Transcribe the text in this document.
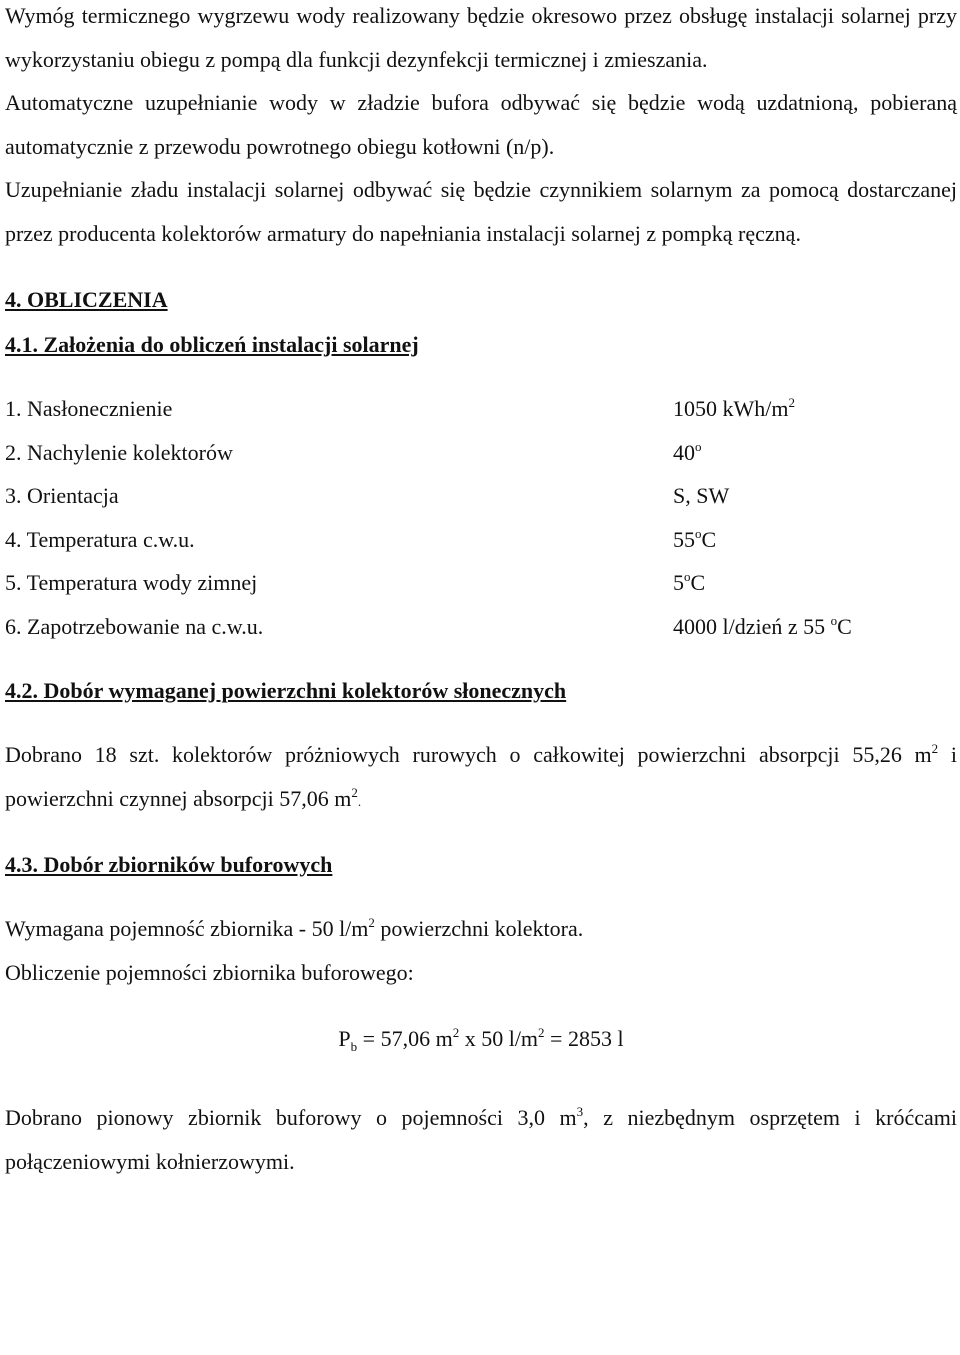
Wymóg termicznego wygrzewu wody realizowany będzie okresowo przez obsługę instalacji solarnej przy wykorzystaniu obiegu z pompą dla funkcji dezynfekcji termicznej i zmieszania.

Automatyczne uzupełnianie wody w zładzie bufora odbywać się będzie wodą uzdatnioną, pobieraną automatycznie z przewodu powrotnego obiegu kotłowni (n/p).

Uzupełnianie zładu instalacji solarnej odbywać się będzie czynnikiem solarnym za pomocą dostarczanej przez producenta kolektorów armatury do napełniania instalacji solarnej z pompką ręczną.

4. OBLICZENIA

4.1. Założenia do obliczeń instalacji solarnej

1. Nasłonecznienie	1050 kWh/$m^2$
2. Nachylenie kolektorów	40$^o$
3. Orientacja	S, SW
4. Temperatura c.w.u.	55$^o$C
5. Temperatura wody zimnej	5$^o$C
6. Zapotrzebowanie na c.w.u.	4000 l/dzień z 55 $^o$C

4.2. Dobór wymaganej powierzchni kolektorów słonecznych

Dobrano 18 szt. kolektorów próżniowych rurowych o całkowitej powierzchni absorpcji 55,26 $m^2$ i powierzchni czynnej absorpcji 57,06 $m^2$.

4.3. Dobór zbiorników buforowych

Wymagana pojemność zbiornika - 50 $l/m^2$ powierzchni kolektora.

Obliczenie pojemności zbiornika buforowego:

$P_b = 57,06$ $m^2$ x 50 $l/m^2 = 2853$ l

Dobrano pionowy zbiornik buforowy o pojemności 3,0 $m^3$, z niezbędnym osprzętem i króćcami połączeniowymi kołnierzowymi.
